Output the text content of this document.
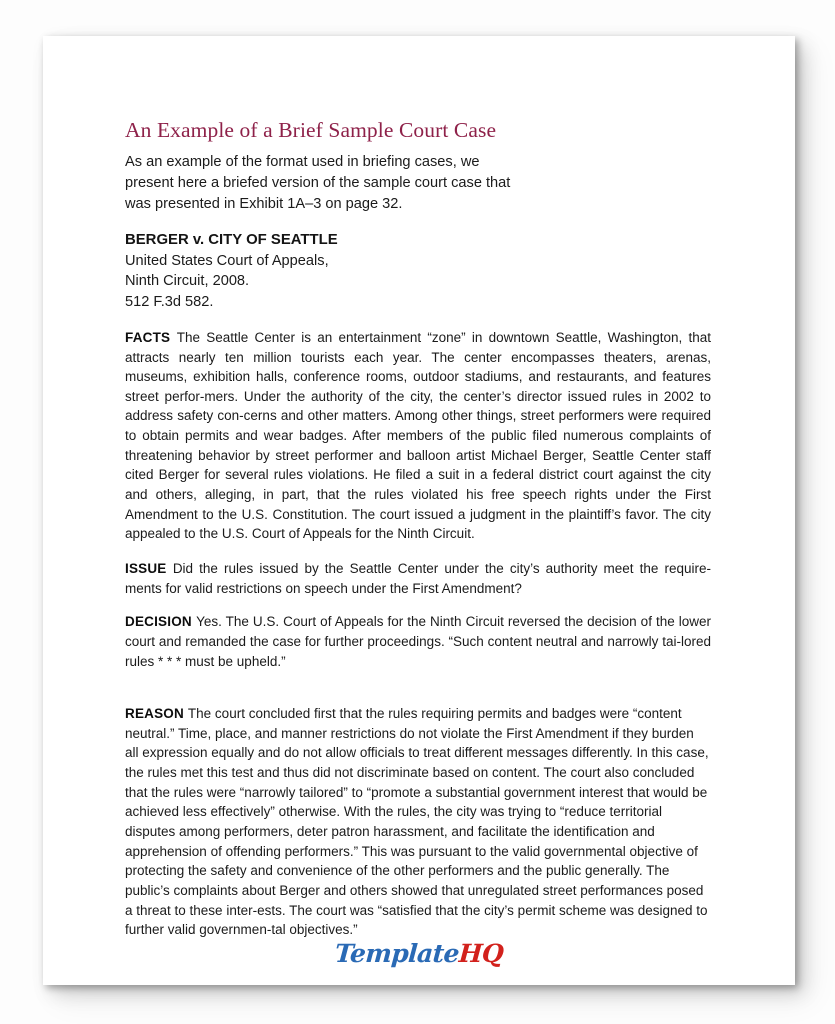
An Example of a Brief Sample Court Case

As an example of the format used in briefing cases, we
present here a briefed version of the sample court case that
was presented in Exhibit 1A–3 on page 32.

BERGER v. CITY OF SEATTLE

United States Court of Appeals,

Ninth Circuit, 2008.

512 F.3d 582.

FACTS The Seattle Center is an entertainment “zone” in downtown Seattle, Washington, that attracts nearly ten million tourists each year. The center encompasses theaters, arenas, museums, exhibition halls, conference rooms, outdoor stadiums, and restaurants, and features street perfor-mers. Under the authority of the city, the center’s director issued rules in 2002 to address safety con-cerns and other matters. Among other things, street performers were required to obtain permits and wear badges. After members of the public filed numerous complaints of threatening behavior by street performer and balloon artist Michael Berger, Seattle Center staff cited Berger for several rules violations. He filed a suit in a federal district court against the city and others, alleging, in part, that the rules violated his free speech rights under the First Amendment to the U.S. Constitution. The court issued a judgment in the plaintiff’s favor. The city appealed to the U.S. Court of Appeals for the Ninth Circuit.

ISSUE Did the rules issued by the Seattle Center under the city’s authority meet the require-ments for valid restrictions on speech under the First Amendment?

DECISION Yes. The U.S. Court of Appeals for the Ninth Circuit reversed the decision of the lower court and remanded the case for further proceedings. “Such content neutral and narrowly tai-lored rules * * * must be upheld.”

REASON The court concluded first that the rules requiring permits and badges were “content neutral.” Time, place, and manner restrictions do not violate the First Amendment if they burden all expression equally and do not allow officials to treat different messages differently. In this case, the rules met this test and thus did not discriminate based on content. The court also concluded that the rules were “narrowly tailored” to “promote a substantial government interest that would be achieved less effectively” otherwise. With the rules, the city was trying to “reduce territorial disputes among performers, deter patron harassment, and facilitate the identification and apprehension of offending performers.” This was pursuant to the valid governmental objective of protecting the safety and convenience of the other performers and the public generally. The public’s complaints about Berger and others showed that unregulated street performances posed a threat to these inter-ests. The court was “satisfied that the city’s permit scheme was designed to further valid governmen-tal objectives.”

TemplateHQ
